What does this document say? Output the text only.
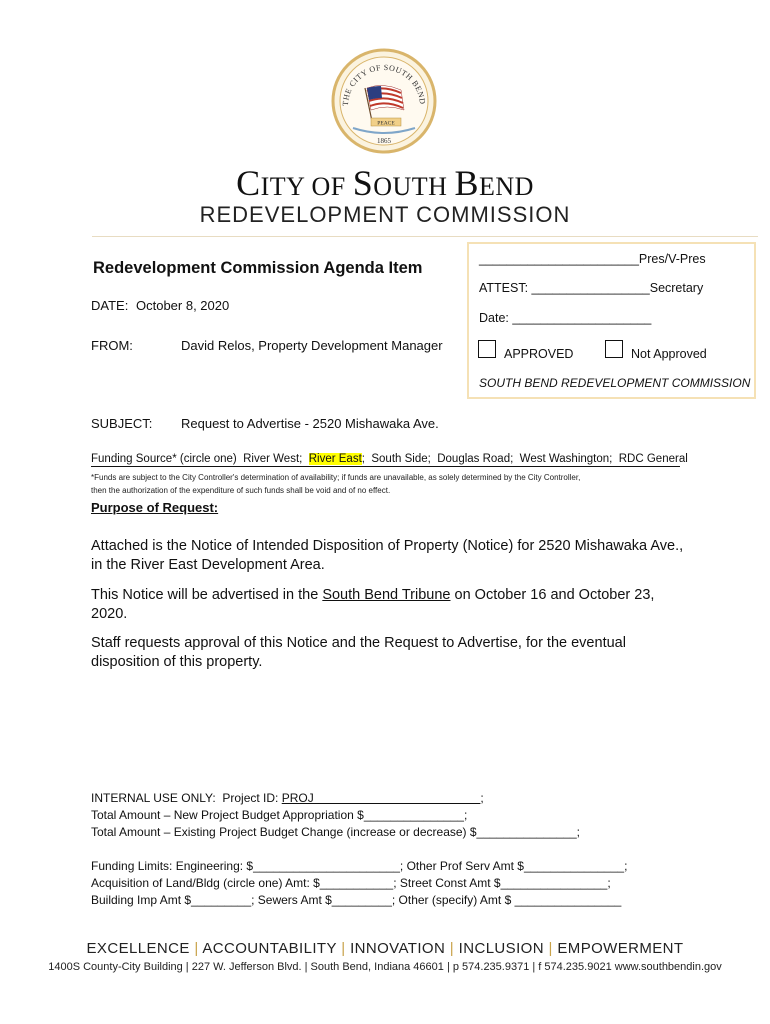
THE CITY OF SOUTH BEND
PEACE
1865
CITY OF SOUTH BEND
REDEVELOPMENT COMMISSION
_______________________Pres/V-Pres
ATTEST: _________________Secretary
Date: ____________________
APPROVED	Not Approved
SOUTH BEND REDEVELOPMENT COMMISSION
Redevelopment Commission Agenda Item
DATE: October 8, 2020
FROM:	David Relos, Property Development Manager
SUBJECT: Request to Advertise - 2520 Mishawaka Ave.
Funding Source* (circle one)  River West;  River East;  South Side;  Douglas Road;  West Washington;  RDC General
*Funds are subject to the City Controller's determination of availability; if funds are unavailable, as solely determined by the City Controller,
then the authorization of the expenditure of such funds shall be void and of no effect.
Purpose of Request:
Attached is the Notice of Intended Disposition of Property (Notice) for 2520 Mishawaka Ave., in the River East Development Area.
This Notice will be advertised in the South Bend Tribune on October 16 and October 23, 2020.
Staff requests approval of this Notice and the Request to Advertise, for the eventual disposition of this property.
INTERNAL USE ONLY:  Project ID: PROJ                                                  ;
Total Amount – New Project Budget Appropriation $_______________;
Total Amount – Existing Project Budget Change (increase or decrease) $_______________;
Funding Limits: Engineering: $______________________; Other Prof Serv Amt $_______________;
Acquisition of Land/Bldg (circle one) Amt: $___________; Street Const Amt $________________;
Building Imp Amt $_________; Sewers Amt $_________; Other (specify) Amt $ ________________
EXCELLENCE | ACCOUNTABILITY | INNOVATION | INCLUSION | EMPOWERMENT
1400S County-City Building | 227 W. Jefferson Blvd. | South Bend, Indiana 46601 | p 574.235.9371 | f 574.235.9021 www.southbendin.gov
